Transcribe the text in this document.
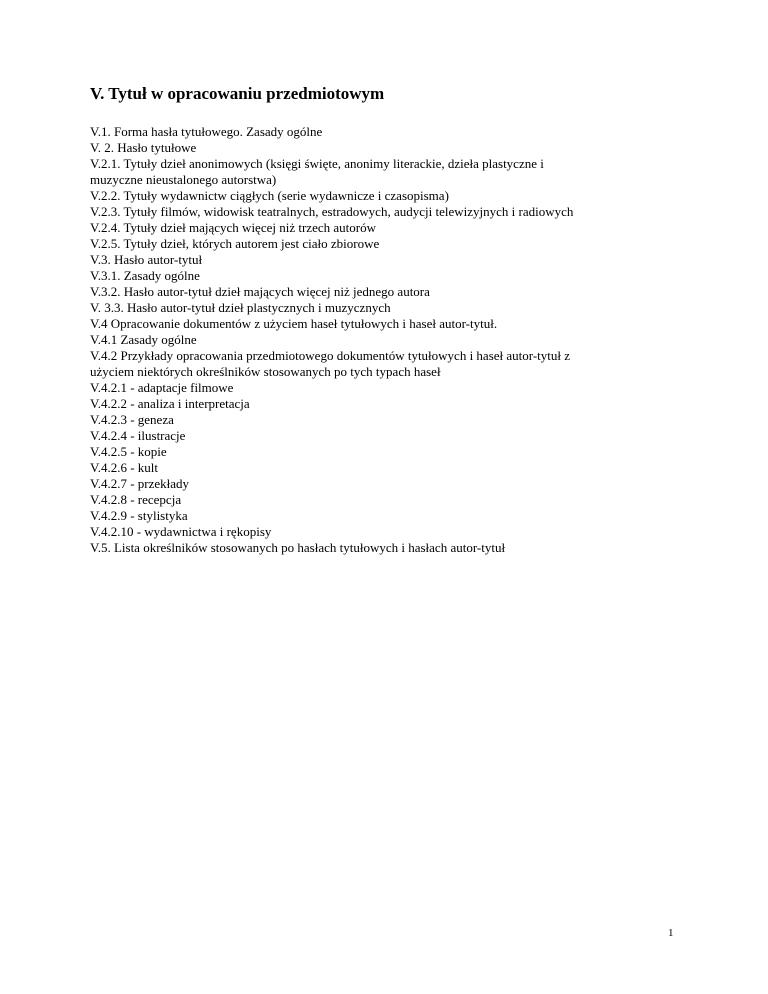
V. Tytuł w opracowaniu przedmiotowym
V.1. Forma hasła tytułowego. Zasady ogólne
V. 2. Hasło tytułowe
V.2.1. Tytuły dzieł anonimowych (księgi święte, anonimy literackie, dzieła plastyczne i
muzyczne nieustalonego autorstwa)
V.2.2. Tytuły wydawnictw ciągłych (serie wydawnicze i czasopisma)
V.2.3. Tytuły filmów, widowisk teatralnych, estradowych, audycji telewizyjnych i radiowych
V.2.4. Tytuły dzieł mających więcej niż trzech autorów
V.2.5. Tytuły dzieł, których autorem jest ciało zbiorowe
V.3. Hasło autor-tytuł
V.3.1. Zasady ogólne
V.3.2. Hasło autor-tytuł dzieł mających więcej niż jednego autora
V. 3.3. Hasło autor-tytuł dzieł plastycznych i muzycznych
V.4 Opracowanie dokumentów z użyciem haseł tytułowych i haseł autor-tytuł.
V.4.1 Zasady ogólne
V.4.2 Przykłady opracowania przedmiotowego dokumentów tytułowych i haseł autor-tytuł z
użyciem niektórych określników stosowanych po tych typach haseł
V.4.2.1 - adaptacje filmowe
V.4.2.2 - analiza i interpretacja
V.4.2.3 - geneza
V.4.2.4 - ilustracje
V.4.2.5 - kopie
V.4.2.6 - kult
V.4.2.7 - przekłady
V.4.2.8 - recepcja
V.4.2.9 - stylistyka
V.4.2.10 - wydawnictwa i rękopisy
V.5. Lista określników stosowanych po hasłach tytułowych i hasłach autor-tytuł
1
